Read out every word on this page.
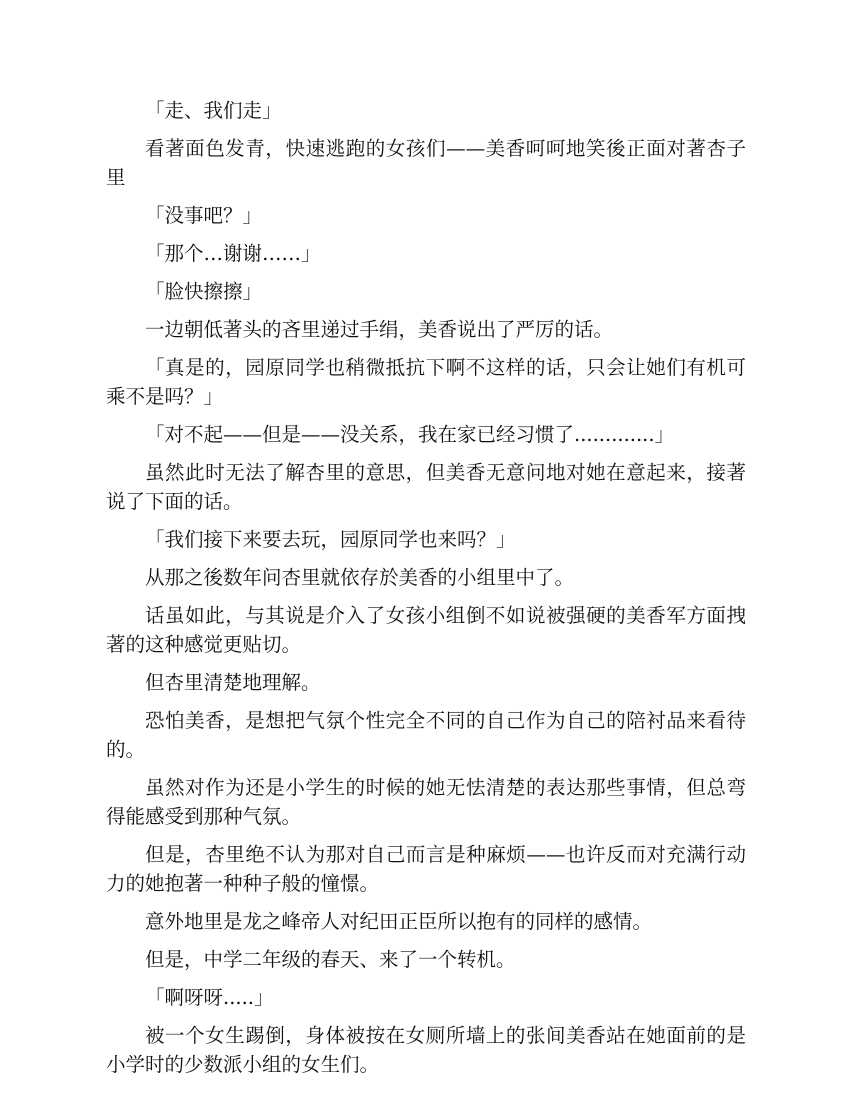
「走、我们走」

看著面色发青，快速逃跑的女孩们——美香呵呵地笑後正面对著杏子里

「没事吧？」

「那个…谢谢……」

「脸快擦擦」

一边朝低著头的吝里递过手绢，美香说出了严厉的话。

「真是的，园原同学也稍微抵抗下啊不这样的话，只会让她们有机可乘不是吗？」

「对不起——但是——没关系，我在家已经习惯了.............」

虽然此时无法了解杏里的意思，但美香无意问地对她在意起来，接著说了下面的话。

「我们接下来要去玩，园原同学也来吗？」

从那之後数年问杏里就依存於美香的小组里中了。

话虽如此，与其说是介入了女孩小组倒不如说被强硬的美香军方面拽著的这种感觉更贴切。

但杏里清楚地理解。

恐怕美香，是想把气氛个性完全不同的自己作为自己的陪衬品来看待的。

虽然对作为还是小学生的时候的她无怯清楚的表达那些事情，但总弯得能感受到那种气氛。

但是，杏里绝不认为那对自己而言是种麻烦——也许反而对充满行动力的她抱著一种种子般的憧憬。

意外地里是龙之峰帝人对纪田正臣所以抱有的同样的感情。

但是，中学二年级的春天、来了一个转机。

「啊呀呀.....」

被一个女生踢倒，身体被按在女厕所墙上的张间美香站在她面前的是小学时的少数派小组的女生们。
